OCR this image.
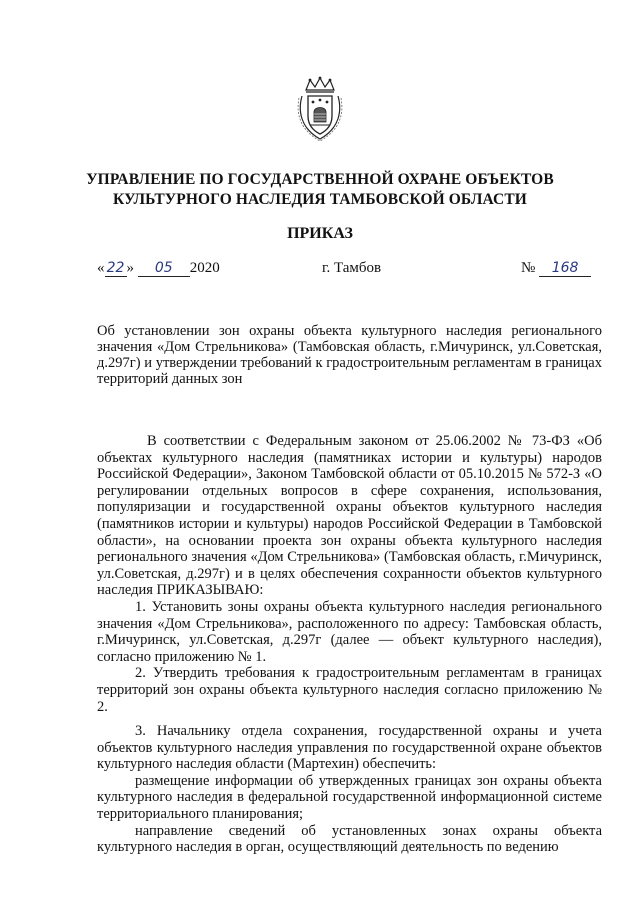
УПРАВЛЕНИЕ ПО ГОСУДАРСТВЕННОЙ ОХРАНЕ ОБЪЕКТОВ
КУЛЬТУРНОГО НАСЛЕДИЯ ТАМБОВСКОЙ ОБЛАСТИ
ПРИКАЗ
« 22 » 05 2020	г. Тамбов	№ 168
Об установлении зон охраны объекта культурного наследия регионального значения «Дом Стрельникова» (Тамбовская область, г.Мичуринск, ул.Советская, д.297г) и утверждении требований к градостроительным регламентам в границах территорий данных зон

В соответствии с Федеральным законом от 25.06.2002 № 73-ФЗ «Об объектах культурного наследия (памятниках истории и культуры) народов Российской Федерации», Законом Тамбовской области от 05.10.2015 № 572-З «О регулировании отдельных вопросов в сфере сохранения, использования, популяризации и государственной охраны объектов культурного наследия (памятников истории и культуры) народов Российской Федерации в Тамбовской области», на основании проекта зон охраны объекта культурного наследия регионального значения «Дом Стрельникова» (Тамбовская область, г.Мичуринск, ул.Советская, д.297г) и в целях обеспечения сохранности объектов культурного наследия ПРИКАЗЫВАЮ:

1. Установить зоны охраны объекта культурного наследия регионального значения «Дом Стрельникова», расположенного по адресу: Тамбовская область, г.Мичуринск, ул.Советская, д.297г (далее — объект культурного наследия), согласно приложению № 1.

2. Утвердить требования к градостроительным регламентам в границах территорий зон охраны объекта культурного наследия согласно приложению № 2.

3. Начальнику отдела сохранения, государственной охраны и учета объектов культурного наследия управления по государственной охране объектов культурного наследия области (Мартехин) обеспечить:

размещение информации об утвержденных границах зон охраны объекта культурного наследия в федеральной государственной информационной системе территориального планирования;

направление сведений об установленных зонах охраны объекта культурного наследия в орган, осуществляющий деятельность по ведению
